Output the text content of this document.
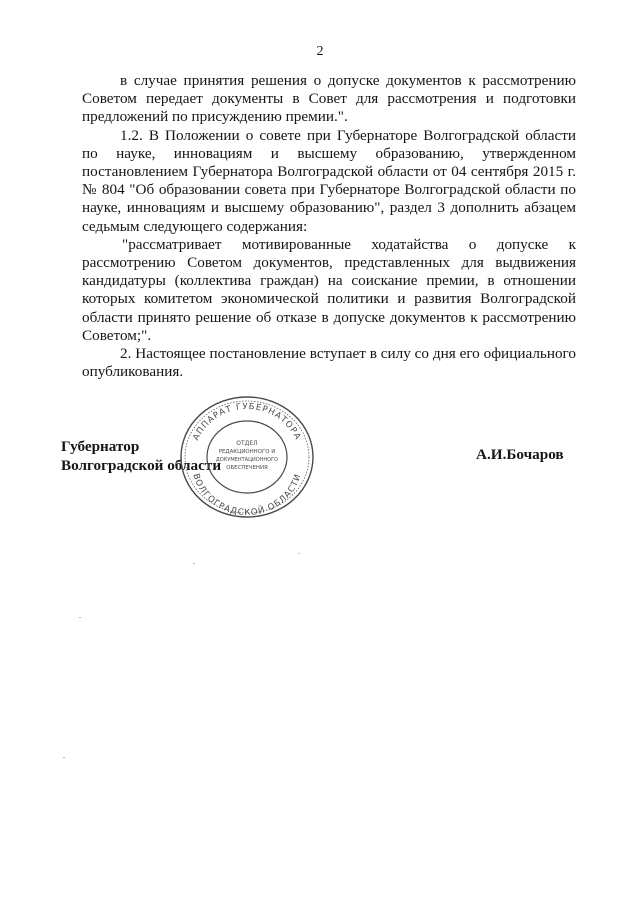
2

в случае принятия решения о допуске документов к рассмотрению Советом передает документы в Совет для рассмотрения и подготовки предложений по присуждению премии.".

1.2. В Положении о совете при Губернаторе Волгоградской области по науке, инновациям и высшему образованию, утвержденном постановлением Губернатора Волгоградской области от 04 сентября 2015 г. № 804 "Об образовании совета при Губернаторе Волгоградской области по науке, инновациям и высшему образованию", раздел 3 дополнить абзацем седьмым следующего содержания:

"рассматривает мотивированные ходатайства о допуске к рассмотрению Советом документов, представленных для выдвижения кандидатуры (коллектива граждан) на соискание премии, в отношении которых комитетом экономической политики и развития Волгоградской области принято решение об отказе в допуске документов к рассмотрению Советом;".

2. Настоящее постановление вступает в силу со дня его официального опубликования.

Губернатор
Волгоградской области
А.И.Бочаров
АППАРАТ ГУБЕРНАТОРА
ВОЛГОГРАДСКОЙ ОБЛАСТИ
ОТДЕЛ
РЕДАКЦИОННОГО И
ДОКУМЕНТАЦИОННОГО
ОБЕСПЕЧЕНИЯ
